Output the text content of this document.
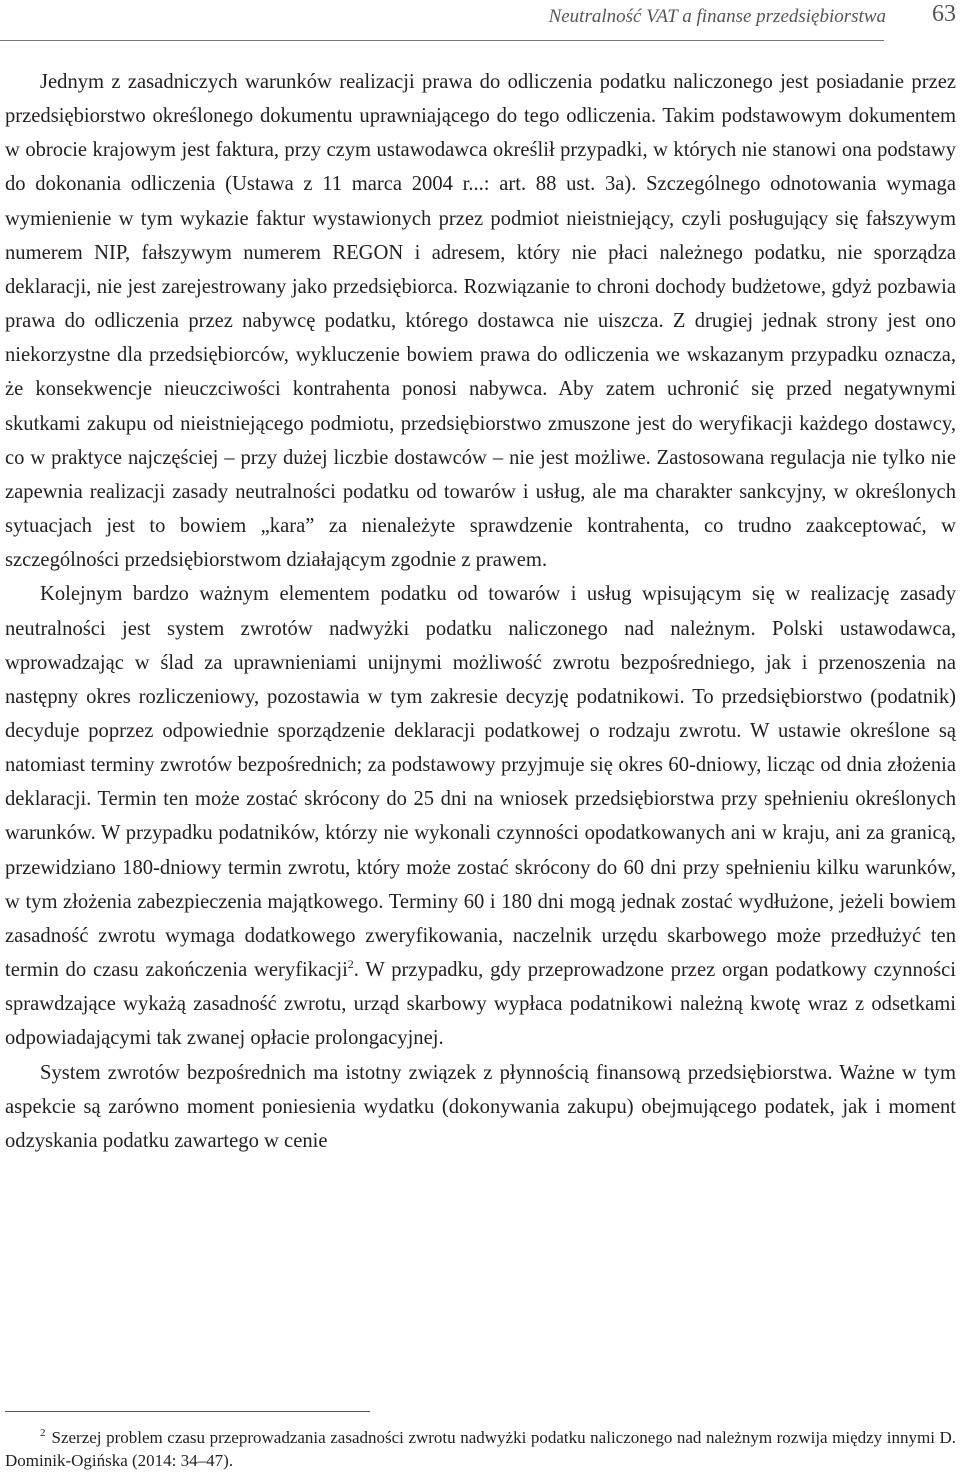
Neutralność VAT a finanse przedsiębiorstwa 63

Jednym z zasadniczych warunków realizacji prawa do odliczenia podatku naliczonego jest posiadanie przez przedsiębiorstwo określonego dokumentu uprawniającego do tego odliczenia. Takim podstawowym dokumentem w obrocie krajowym jest faktura, przy czym ustawodawca określił przypadki, w których nie stanowi ona podstawy do dokonania odliczenia (Ustawa z 11 marca 2004 r...: art. 88 ust. 3a). Szczególnego odnotowania wymaga wymienienie w tym wykazie faktur wystawionych przez podmiot nieistniejący, czyli posługujący się fałszywym numerem NIP, fałszywym numerem REGON i adresem, który nie płaci należnego podatku, nie sporządza deklaracji, nie jest zarejestrowany jako przedsiębiorca. Rozwiązanie to chroni dochody budżetowe, gdyż pozbawia prawa do odliczenia przez nabywcę podatku, którego dostawca nie uiszcza. Z drugiej jednak strony jest ono niekorzystne dla przedsiębiorców, wykluczenie bowiem prawa do odliczenia we wskazanym przypadku oznacza, że konsekwencje nieuczciwości kontrahenta ponosi nabywca. Aby zatem uchronić się przed negatywnymi skutkami zakupu od nieistniejącego podmiotu, przedsiębiorstwo zmuszone jest do weryfikacji każdego dostawcy, co w praktyce najczęściej – przy dużej liczbie dostawców – nie jest możliwe. Zastosowana regulacja nie tylko nie zapewnia realizacji zasady neutralności podatku od towarów i usług, ale ma charakter sankcyjny, w określonych sytuacjach jest to bowiem „kara” za nienależyte sprawdzenie kontrahenta, co trudno zaakceptować, w szczególności przedsiębiorstwom działającym zgodnie z prawem.

Kolejnym bardzo ważnym elementem podatku od towarów i usług wpisującym się w realizację zasady neutralności jest system zwrotów nadwyżki podatku naliczonego nad należnym. Polski ustawodawca, wprowadzając w ślad za uprawnieniami unijnymi możliwość zwrotu bezpośredniego, jak i przenoszenia na następny okres rozliczeniowy, pozostawia w tym zakresie decyzję podatnikowi. To przedsiębiorstwo (podatnik) decyduje poprzez odpowiednie sporządzenie deklaracji podatkowej o rodzaju zwrotu. W ustawie określone są natomiast terminy zwrotów bezpośrednich; za podstawowy przyjmuje się okres 60-dniowy, licząc od dnia złożenia deklaracji. Termin ten może zostać skrócony do 25 dni na wniosek przedsiębiorstwa przy spełnieniu określonych warunków. W przypadku podatników, którzy nie wykonali czynności opodatkowanych ani w kraju, ani za granicą, przewidziano 180-dniowy termin zwrotu, który może zostać skrócony do 60 dni przy spełnieniu kilku warunków, w tym złożenia zabezpieczenia majątkowego. Terminy 60 i 180 dni mogą jednak zostać wydłużone, jeżeli bowiem zasadność zwrotu wymaga dodatkowego zweryfikowania, naczelnik urzędu skarbowego może przedłużyć ten termin do czasu zakończenia weryfikacji$^2$. W przypadku, gdy przeprowadzone przez organ podatkowy czynności sprawdzające wykażą zasadność zwrotu, urząd skarbowy wypłaca podatnikowi należną kwotę wraz z odsetkami odpowiadającymi tak zwanej opłacie prolongacyjnej.

System zwrotów bezpośrednich ma istotny związek z płynnością finansową przedsiębiorstwa. Ważne w tym aspekcie są zarówno moment poniesienia wydatku (dokonywania zakupu) obejmującego podatek, jak i moment odzyskania podatku zawartego w cenie

$^2$ Szerzej problem czasu przeprowadzania zasadności zwrotu nadwyżki podatku naliczonego nad należnym rozwija między innymi D. Dominik-Ogińska (2014: 34–47).
